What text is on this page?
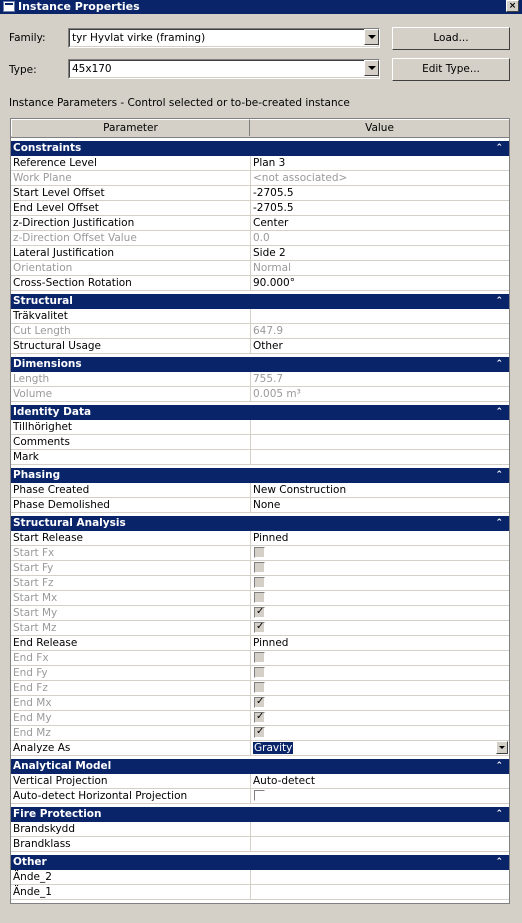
Instance Properties	×
Family:	tyr Hyvlat virke (framing)	Load...
Type:	45x170	Edit Type...
Instance Parameters - Control selected or to-be-created instance
Parameter	Value
Constraints	⌃
Reference Level	Plan 3
Work Plane	<not associated>
Start Level Offset	-2705.5
End Level Offset	-2705.5
z-Direction Justification	Center
z-Direction Offset Value	0.0
Lateral Justification	Side 2
Orientation	Normal
Cross-Section Rotation	90.000°
Structural	⌃
Träkvalitet
Cut Length	647.9
Structural Usage	Other
Dimensions	⌃
Length	755.7
Volume	0.005 m³
Identity Data	⌃
Tillhörighet
Comments
Mark
Phasing	⌃
Phase Created	New Construction
Phase Demolished	None
Structural Analysis	⌃
Start Release	Pinned
Start Fx
Start Fy
Start Fz
Start Mx
Start My	✓
Start Mz	✓
End Release	Pinned
End Fx
End Fy
End Fz
End Mx	✓
End My	✓
End Mz	✓
Analyze As	Gravity
Analytical Model	⌃
Vertical Projection	Auto-detect
Auto-detect Horizontal Projection
Fire Protection	⌃
Brandskydd
Brandklass
Other	⌃
Ände_2
Ände_1
